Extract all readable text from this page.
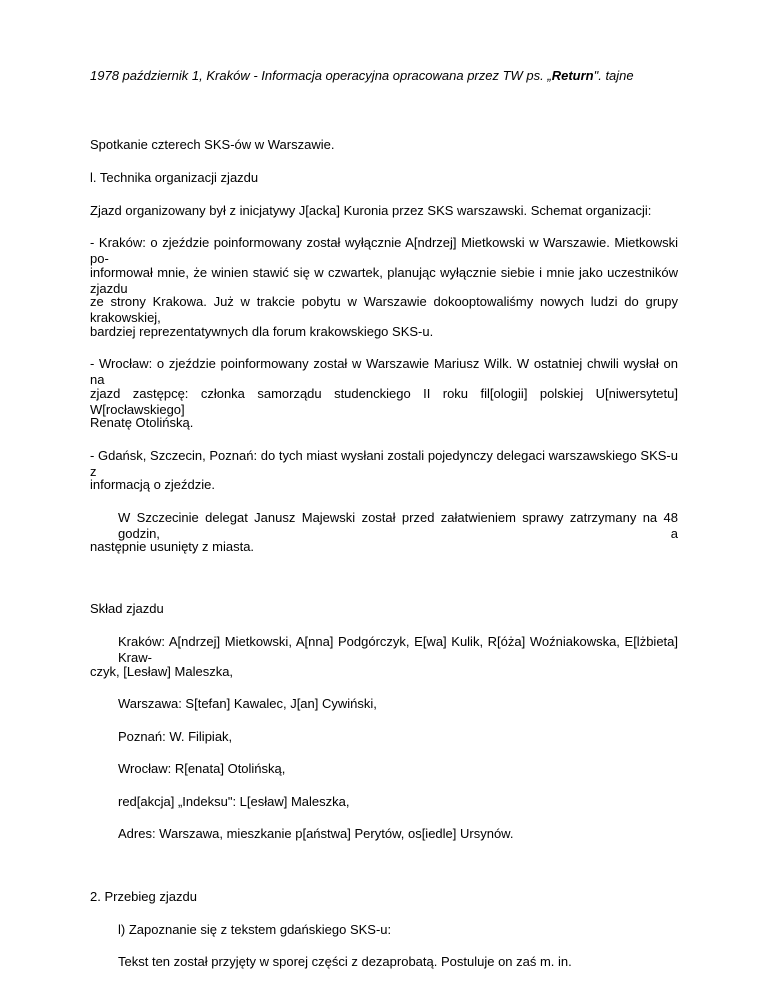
1978 październik 1, Kraków - Informacja operacyjna opracowana przez TW ps. „Return". tajne

Spotkanie czterech SKS-ów w Warszawie.

l. Technika organizacji zjazdu

Zjazd organizowany był z inicjatywy J[acka] Kuronia przez SKS warszawski. Schemat organizacji:

- Kraków: o zjeździe poinformowany został wyłącznie A[ndrzej] Mietkowski w Warszawie. Mietkowski po-

informował mnie, że winien stawić się w czwartek, planując wyłącznie siebie i mnie jako uczestników zjazdu

ze strony Krakowa. Już w trakcie pobytu w Warszawie dokooptowaliśmy nowych ludzi do grupy krakowskiej,

bardziej reprezentatywnych dla forum krakowskiego SKS-u.

- Wrocław: o zjeździe poinformowany został w Warszawie Mariusz Wilk. W ostatniej chwili wysłał on na

zjazd zastępcę: członka samorządu studenckiego II roku fil[ologii] polskiej U[niwersytetu] W[rocławskiego]

Renatę Otolińską.

- Gdańsk, Szczecin, Poznań: do tych miast wysłani zostali pojedynczy delegaci warszawskiego SKS-u z

informacją o zjeździe.

W Szczecinie delegat Janusz Majewski został przed załatwieniem sprawy zatrzymany na 48 godzin, a

następnie usunięty z miasta.

Skład zjazdu

Kraków: A[ndrzej] Mietkowski, A[nna] Podgórczyk, E[wa] Kulik, R[óża] Woźniakowska, E[lżbieta] Kraw-

czyk, [Lesław] Maleszka,

Warszawa: S[tefan] Kawalec, J[an] Cywiński,

Poznań: W. Filipiak,

Wrocław: R[enata] Otolińską,

red[akcja] „Indeksu": L[esław] Maleszka,

Adres: Warszawa, mieszkanie p[aństwa] Perytów, os[iedle] Ursynów.

2. Przebieg zjazdu

l) Zapoznanie się z tekstem gdańskiego SKS-u:

Tekst ten został przyjęty w sporej części z dezaprobatą. Postuluje on zaś m. in.
